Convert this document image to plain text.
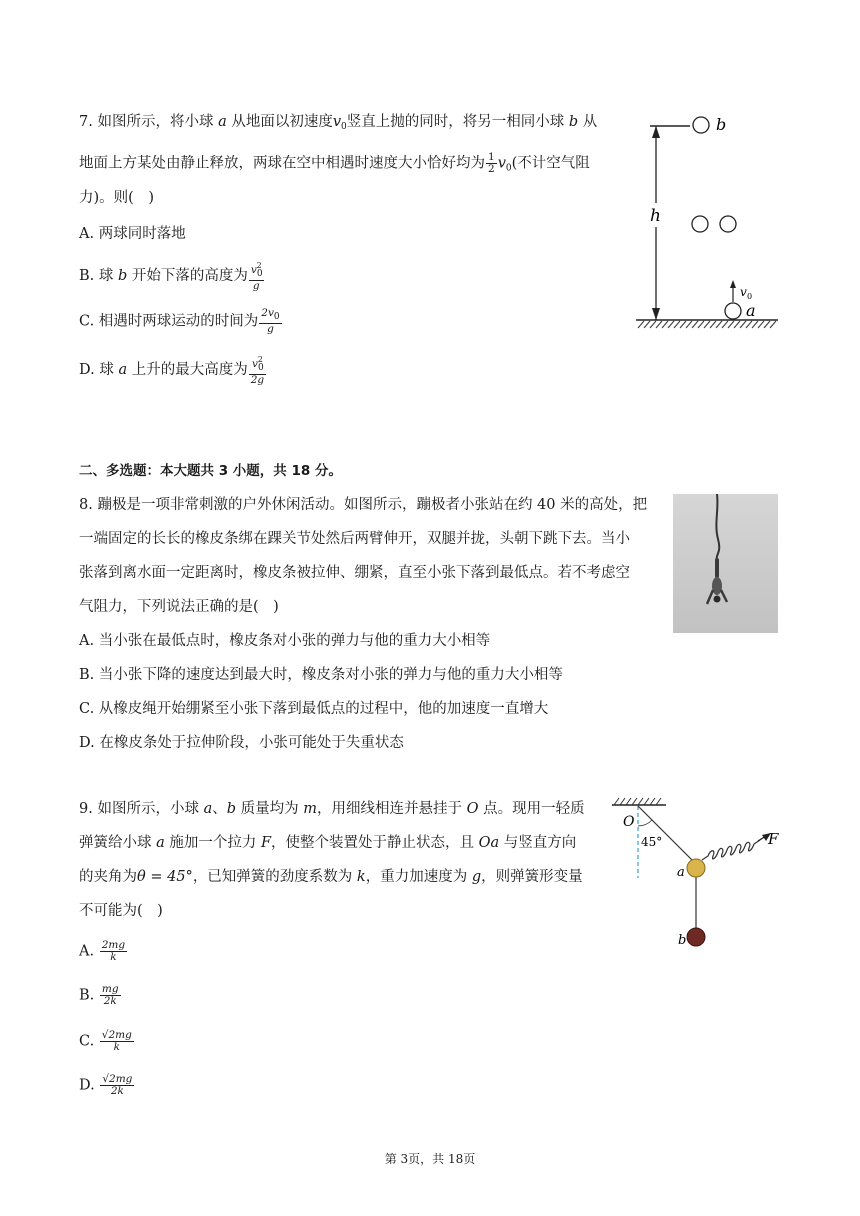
7. 如图所示，将小球 a 从地面以初速度$v_0$竖直上抛的同时，将另一相同小球 b 从
地面上方某处由静止释放，两球在空中相遇时速度大小恰好均为 $\frac{1}{2} v_0$(不计空气阻
力)。则(　)
A. 两球同时落地
B. 球 b 开始下落的高度为 $\frac{v0^2}{g}$
C. 相遇时两球运动的时间为 $\frac{2v0}{g}$
D. 球 a 上升的最大高度为 $\frac{v0^2}{2g}$
h
b
v 0
a
二、多选题：本大题共 3 小题，共 18 分。
8. 蹦极是一项非常刺激的户外休闲活动。如图所示，蹦极者小张站在约 40 米的高处，把
一端固定的长长的橡皮条绑在踝关节处然后两臂伸开，双腿并拢，头朝下跳下去。当小
张落到离水面一定距离时，橡皮条被拉伸、绷紧，直至小张下落到最低点。若不考虑空
气阻力，下列说法正确的是(　)
A. 当小张在最低点时，橡皮条对小张的弹力与他的重力大小相等
B. 当小张下降的速度达到最大时，橡皮条对小张的弹力与他的重力大小相等
C. 从橡皮绳开始绷紧至小张下落到最低点的过程中，他的加速度一直增大
D. 在橡皮条处于拉伸阶段，小张可能处于失重状态
9. 如图所示，小球 a、b 质量均为 m，用细线相连并悬挂于 O 点。现用一轻质
弹簧给小球 a 施加一个拉力 F，使整个装置处于静止状态，且 Oa 与竖直方向
的夹角为θ = 45°，已知弹簧的劲度系数为 k，重力加速度为 g，则弹簧形变量
不可能为(　)
A. $\frac{2mg}{k}$
B. $\frac{mg}{2k}$
C. $\frac{√2mg}{k}$
D. $\frac{√2mg}{2k}$
O
45°	F
a
b
第 3页，共 18页
